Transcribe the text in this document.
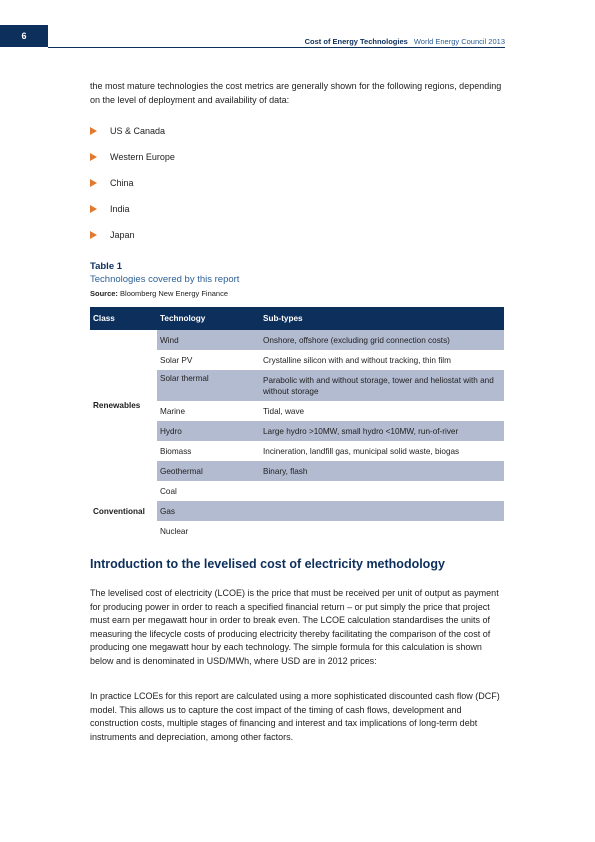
6
Cost of Energy Technologies World Energy Council 2013

the most mature technologies the cost metrics are generally shown for the following regions, depending on the level of deployment and availability of data:

US & Canada
Western Europe
China
India
Japan
Table 1
Technologies covered by this report
Source: Bloomberg New Energy Finance
Class	Technology	Sub-types
Renewables	Wind	Onshore, offshore (excluding grid connection costs)
	Solar PV	Crystalline silicon with and without tracking, thin film
	Solar thermal	Parabolic with and without storage, tower and heliostat with and without storage
	Marine	Tidal, wave
	Hydro	Large hydro >10MW, small hydro <10MW, run-of-river
	Biomass	Incineration, landfill gas, municipal solid waste, biogas
	Geothermal	Binary, flash
Conventional	Coal	
	Gas	
	Nuclear	
Introduction to the levelised cost of electricity methodology

The levelised cost of electricity (LCOE) is the price that must be received per unit of output as payment for producing power in order to reach a specified financial return – or put simply the price that project must earn per megawatt hour in order to break even. The LCOE calculation standardises the units of measuring the lifecycle costs of producing electricity thereby facilitating the comparison of the cost of producing one megawatt hour by each technology. The simple formula for this calculation is shown below and is denominated in USD/MWh, where USD are in 2012 prices:

In practice LCOEs for this report are calculated using a more sophisticated discounted cash flow (DCF) model. This allows us to capture the cost impact of the timing of cash flows, development and construction costs, multiple stages of financing and interest and tax implications of long-term debt instruments and depreciation, among other factors.
